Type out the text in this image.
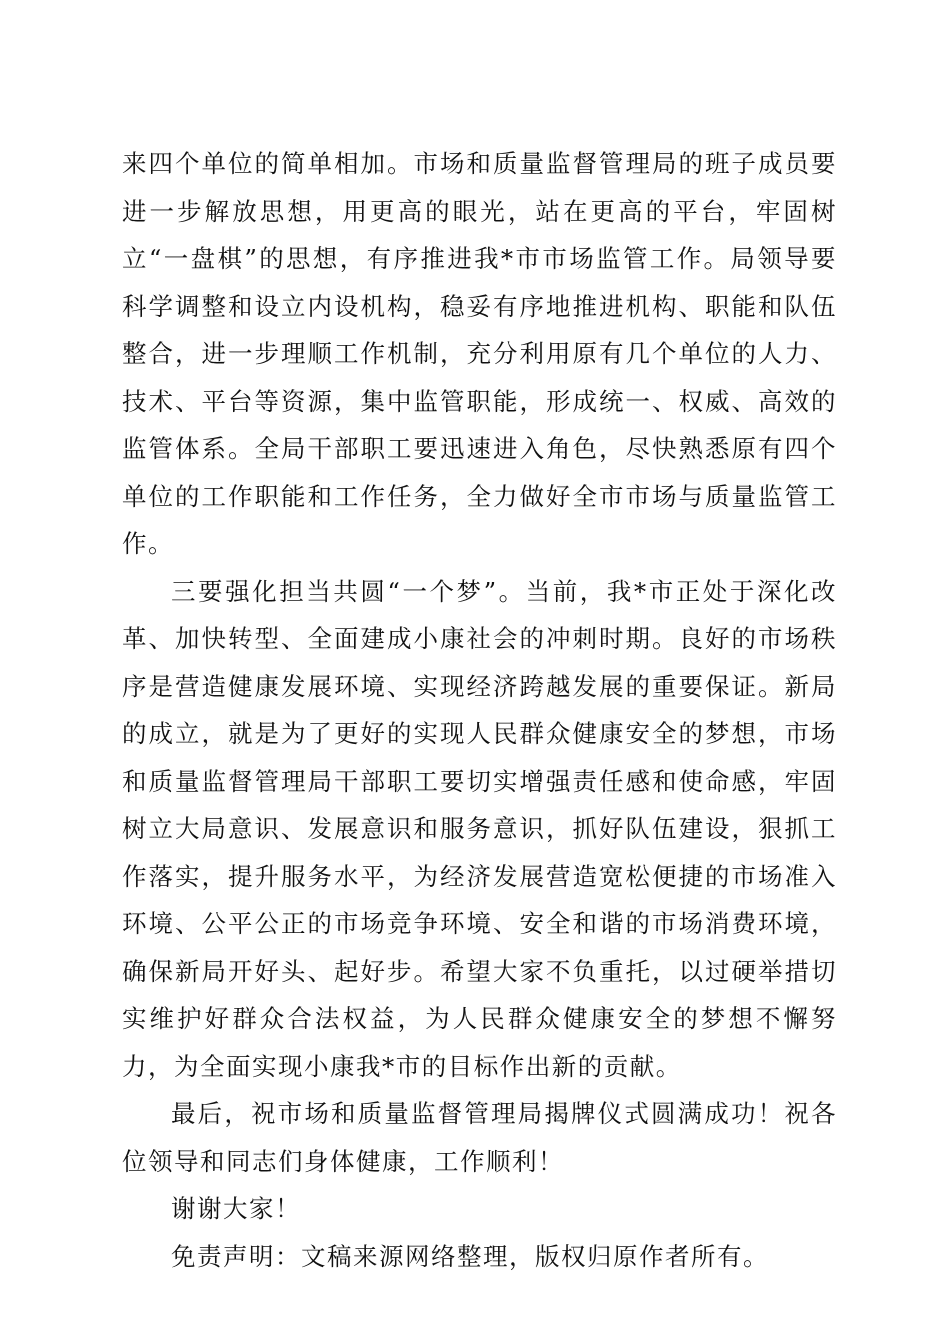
来四个单位的简单相加。市场和质量监督管理局的班子成员要进一步解放思想，用更高的眼光，站在更高的平台，牢固树立“一盘棋”的思想，有序推进我*市市场监管工作。局领导要科学调整和设立内设机构，稳妥有序地推进机构、职能和队伍整合，进一步理顺工作机制，充分利用原有几个单位的人力、技术、平台等资源，集中监管职能，形成统一、权威、高效的监管体系。全局干部职工要迅速进入角色，尽快熟悉原有四个单位的工作职能和工作任务，全力做好全市市场与质量监管工作。

三要强化担当共圆“一个梦”。当前，我*市正处于深化改革、加快转型、全面建成小康社会的冲刺时期。良好的市场秩序是营造健康发展环境、实现经济跨越发展的重要保证。新局的成立，就是为了更好的实现人民群众健康安全的梦想，市场和质量监督管理局干部职工要切实增强责任感和使命感，牢固树立大局意识、发展意识和服务意识，抓好队伍建设，狠抓工作落实，提升服务水平，为经济发展营造宽松便捷的市场准入环境、公平公正的市场竞争环境、安全和谐的市场消费环境，确保新局开好头、起好步。希望大家不负重托，以过硬举措切实维护好群众合法权益，为人民群众健康安全的梦想不懈努力，为全面实现小康我*市的目标作出新的贡献。

最后，祝市场和质量监督管理局揭牌仪式圆满成功！祝各位领导和同志们身体健康，工作顺利！

谢谢大家！

免责声明：文稿来源网络整理，版权归原作者所有。
